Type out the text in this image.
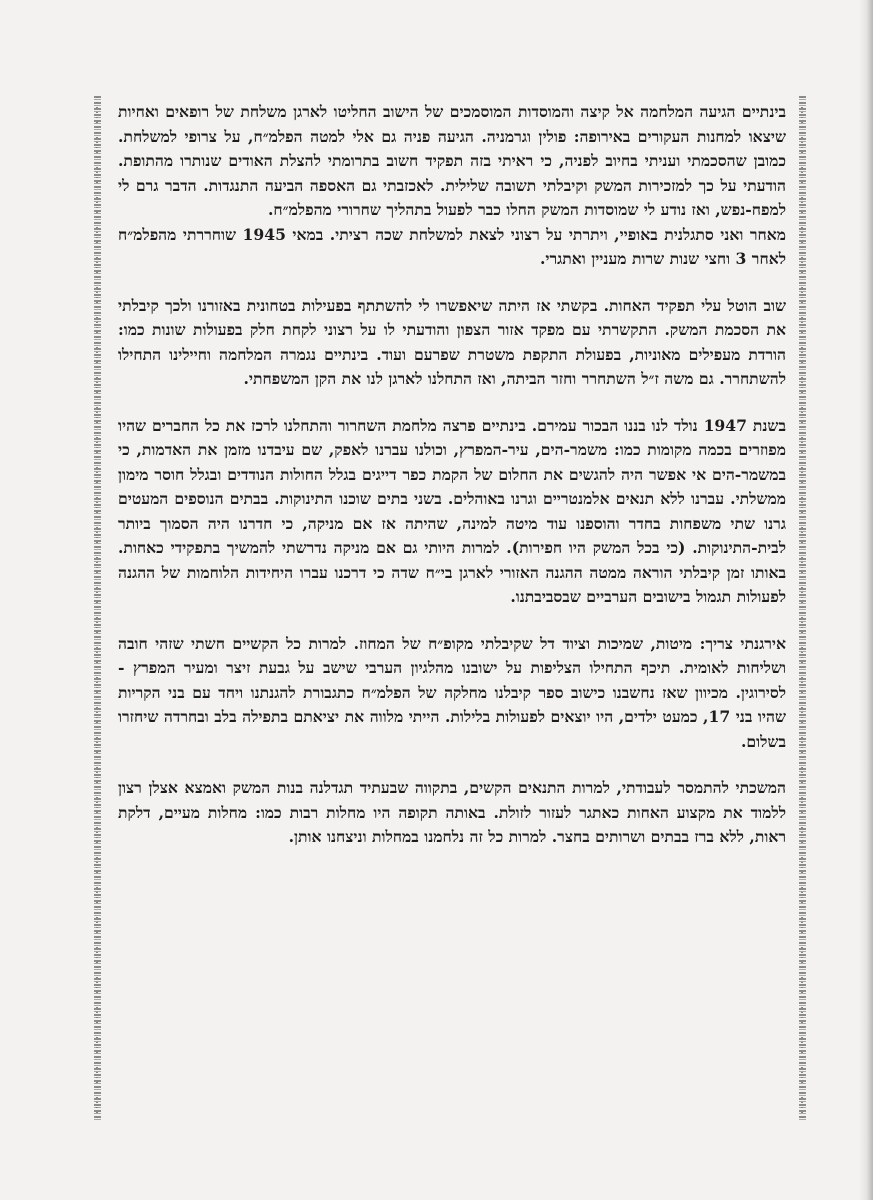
בינתיים הגיעה המלחמה אל קיצה והמוסדות המוסמכים של הישוב החליטו לארגן משלחת של רופאים ואחיות שיצאו למחנות העקורים באירופה: פולין וגרמניה. הגיעה פניה גם אלי למטה הפלמ״ח, על צרופי למשלחת. כמובן שהסכמתי ועניתי בחיוב לפניה, כי ראיתי בזה תפקיד חשוב בתרומתי להצלת האודים שנותרו מהתופת. הודעתי על כך למזכירות המשק וקיבלתי תשובה שלילית. לאכזבתי גם האספה הביעה התנגדות. הדבר גרם לי למפח-נפש, ואז נודע לי שמוסדות המשק החלו כבר לפעול בתהליך שחרורי מהפלמ״ח.

מאחר ואני סתגלנית באופיי, ויתרתי על רצוני לצאת למשלחת שכה רציתי. במאי 1945 שוחררתי מהפלמ״ח לאחר 3 וחצי שנות שרות מעניין ואתגרי.

שוב הוטל עלי תפקיד האחות. בקשתי אז היתה שיאפשרו לי להשתתף בפעילות בטחונית באזורנו ולכך קיבלתי את הסכמת המשק. התקשרתי עם מפקד אזור הצפון והודעתי לו על רצוני לקחת חלק בפעולות שונות כמו: הורדת מעפילים מאוניות, בפעולת התקפת משטרת שפרעם ועוד. בינתיים נגמרה המלחמה וחיילינו התחילו להשתחרר. גם משה ז״ל השתחרר וחזר הביתה, ואז התחלנו לארגן לנו את הקן המשפחתי.

בשנת 1947 נולד לנו בננו הבכור עמירם. בינתיים פרצה מלחמת השחרור והתחלנו לרכז את כל החברים שהיו מפוזרים בכמה מקומות כמו: משמר-הים, עיר-המפרץ, וכולנו עברנו לאפק, שם עיבדנו מזמן את האדמות, כי במשמר-הים אי אפשר היה להגשים את החלום של הקמת כפר דייגים בגלל החולות הנודדים ובגלל חוסר מימון ממשלתי. עברנו ללא תנאים אלמנטריים וגרנו באוהלים. בשני בתים שוכנו התינוקות. בבתים הנוספים המעטים גרנו שתי משפחות בחדר והוספנו עוד מיטה למינה, שהיתה אז אם מניקה, כי חדרנו היה הסמוך ביותר לבית-התינוקות. (כי בכל המשק היו חפירות). למרות היותי גם אם מניקה נדרשתי להמשיך בתפקידי כאחות. באותו זמן קיבלתי הוראה ממטה ההגנה האזורי לארגן בי״ח שדה כי דרכנו עברו היחידות הלוחמות של ההגנה לפעולות תגמול בישובים הערביים שבסביבתנו.

אירגנתי צריך: מיטות, שמיכות וציוד דל שקיבלתי מקופ״ח של המחוז. למרות כל הקשיים חשתי שזהי חובה ושליחות לאומית. תיכף התחילו הצליפות על ישובנו מהלגיון הערבי שישב על גבעת זיצר ומעיר המפרץ - לסירוגין. מכיוון שאז נחשבנו כישוב ספר קיבלנו מחלקה של הפלמ״ח כתגבורת להגנתנו ויחד עם בני הקריות שהיו בני 17, כמעט ילדים, היו יוצאים לפעולות בלילות. הייתי מלווה את יציאתם בתפילה בלב ובחרדה שיחזרו בשלום.

המשכתי להתמסר לעבודתי, למרות התנאים הקשים, בתקווה שבעתיד תגדלנה בנות המשק ואמצא אצלן רצון ללמוד את מקצוע האחות כאתגר לעזור לזולת. באותה תקופה היו מחלות רבות כמו: מחלות מעיים, דלקת ראות, ללא ברז בבתים ושרותים בחצר. למרות כל זה נלחמנו במחלות וניצחנו אותן.
